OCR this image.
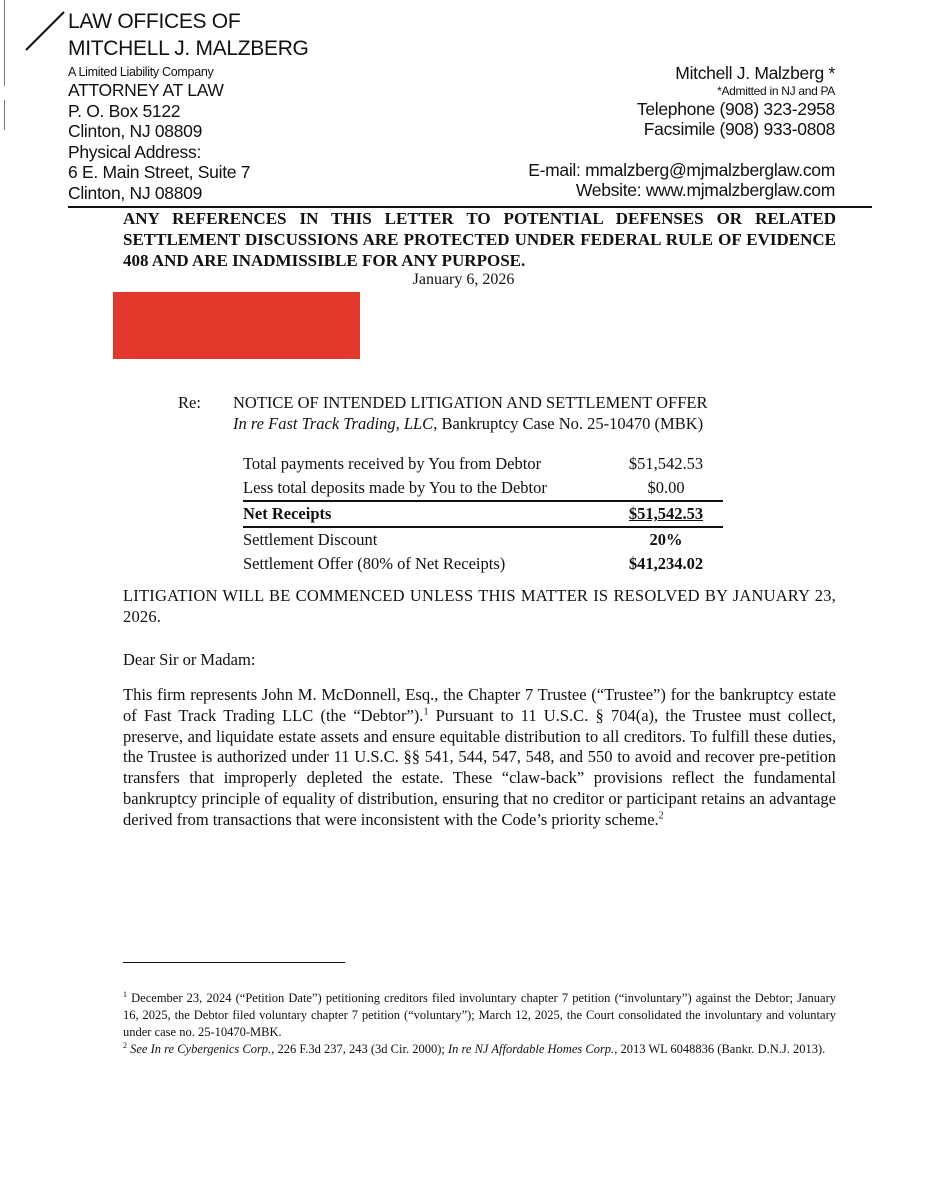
LAW OFFICES OF
MITCHELL J. MALZBERG
A Limited Liability Company
ATTORNEY AT LAW
P. O. Box 5122
Clinton, NJ 08809
Physical Address:
6 E. Main Street, Suite 7
Clinton, NJ 08809
Mitchell J. Malzberg *
*Admitted in NJ and PA
Telephone (908) 323-2958
Facsimile (908) 933-0808
E-mail: mmalzberg@mjmalzberglaw.com
Website: www.mjmalzberglaw.com
ANY REFERENCES IN THIS LETTER TO POTENTIAL DEFENSES OR RELATED SETTLEMENT DISCUSSIONS ARE PROTECTED UNDER FEDERAL RULE OF EVIDENCE 408 AND ARE INADMISSIBLE FOR ANY PURPOSE.
January 6, 2026
Re: NOTICE OF INTENDED LITIGATION AND SETTLEMENT OFFER
In re Fast Track Trading, LLC, Bankruptcy Case No. 25-10470 (MBK)
Total payments received by You from Debtor	$51,542.53
Less total deposits made by You to the Debtor	$0.00
Net Receipts	$51,542.53
Settlement Discount	20%
Settlement Offer (80% of Net Receipts)	$41,234.02
LITIGATION WILL BE COMMENCED UNLESS THIS MATTER IS RESOLVED BY JANUARY 23, 2026.
Dear Sir or Madam:
This firm represents John M. McDonnell, Esq., the Chapter 7 Trustee (“Trustee”) for the bankruptcy estate of Fast Track Trading LLC (the “Debtor”).$^1$ Pursuant to 11 U.S.C. § 704(a), the Trustee must collect, preserve, and liquidate estate assets and ensure equitable distribution to all creditors. To fulfill these duties, the Trustee is authorized under 11 U.S.C. §§ 541, 544, 547, 548, and 550 to avoid and recover pre-petition transfers that improperly depleted the estate. These “claw-back” provisions reflect the fundamental bankruptcy principle of equality of distribution, ensuring that no creditor or participant retains an advantage derived from transactions that were inconsistent with the Code’s priority scheme.$^2$

$^1$ December 23, 2024 (“Petition Date”) petitioning creditors filed involuntary chapter 7 petition (“involuntary”) against the Debtor; January 16, 2025, the Debtor filed voluntary chapter 7 petition (“voluntary”); March 12, 2025, the Court consolidated the involuntary and voluntary under case no. 25-10470-MBK.

$^2$ See In re Cybergenics Corp., 226 F.3d 237, 243 (3d Cir. 2000); In re NJ Affordable Homes Corp., 2013 WL 6048836 (Bankr. D.N.J. 2013).
